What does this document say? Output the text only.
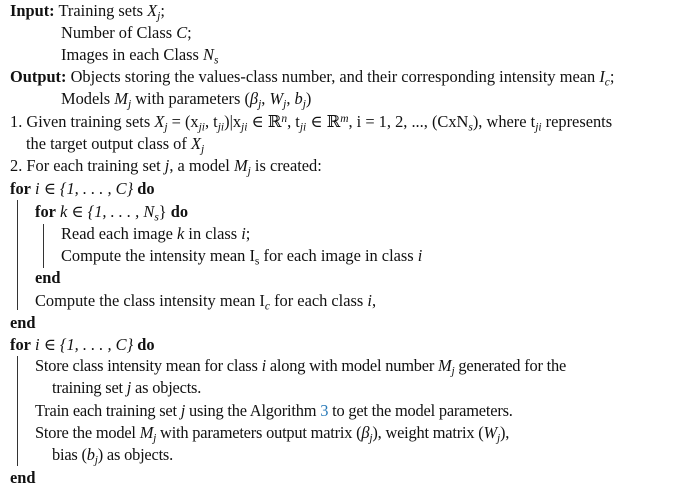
Input: Training sets $X_j$;
Number of Class C;
Images in each Class $N_s$
Output: Objects storing the values-class number, and their corresponding intensity mean $I_c$;
Models $M_j$ with parameters ($\beta_j$, $W_j$, $b_j$)
1. Given training sets $X_j = (x_{ji}$, $t_{ji})|x_{ji}$ ∈ ℝ$^n$, $t_{ji}$ ∈ ℝ$^m$, i = 1, 2, ..., (CxN$_s$), where $t_{ji}$ represents
the target output class of $X_j$
2. For each training set j, a model $M_j$ is created:
for i ∈ {1, . . . , C} do
for k ∈ {1, . . . , $N_s$} do
Read each image k in class i;
Compute the intensity mean $I_s$ for each image in class i
end
Compute the class intensity mean $I_c$ for each class i,
end
for i ∈ {1, . . . , C} do
Store class intensity mean for class i along with model number $M_j$ generated for the
training set j as objects.
Train each training set j using the Algorithm 3 to get the model parameters.
Store the model $M_j$ with parameters output matrix $(\beta_j)$, weight matrix $(W_j)$,
bias $(b_j)$ as objects.
end
